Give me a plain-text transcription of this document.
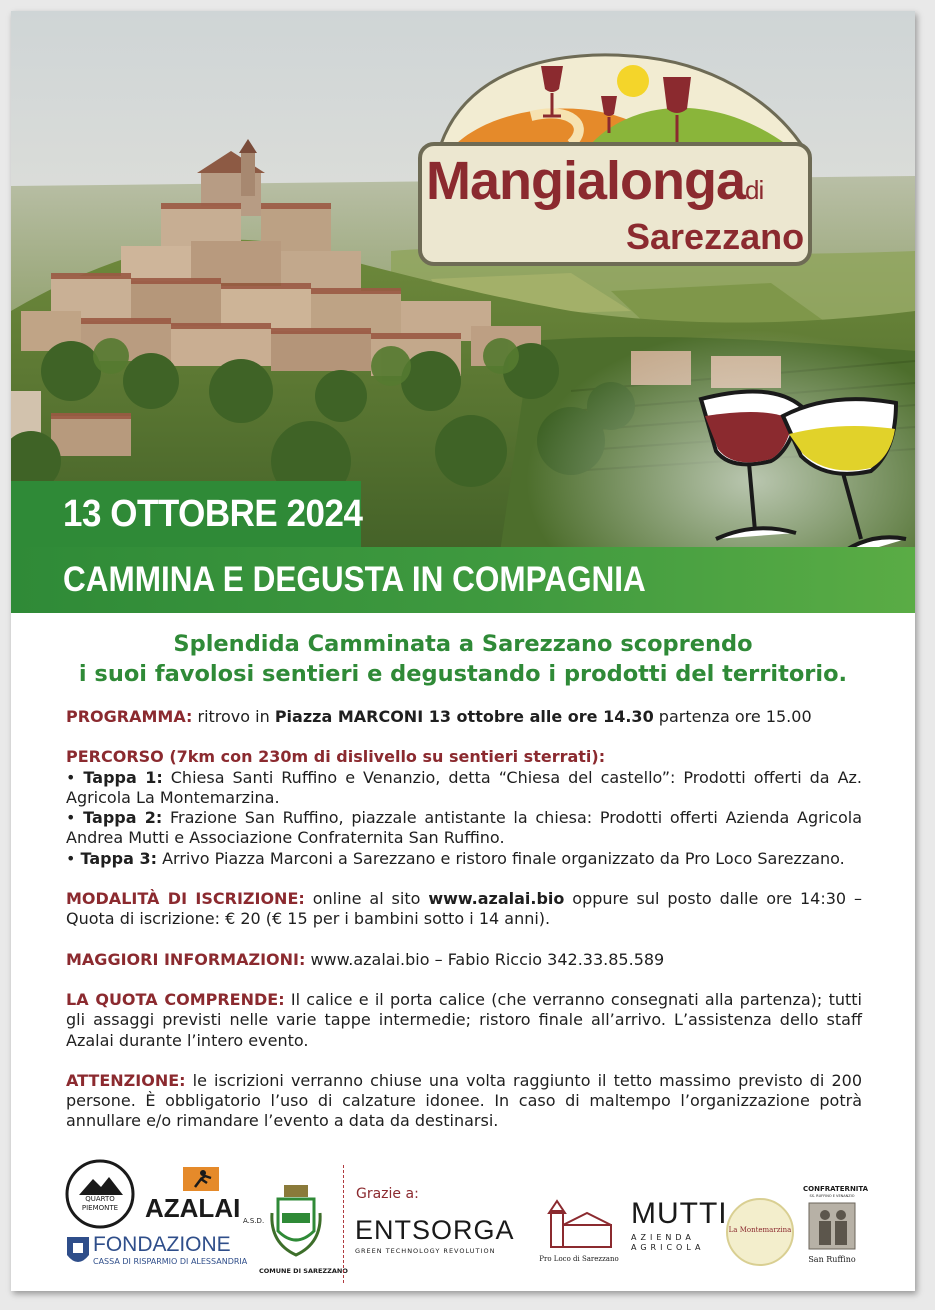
Mangialongadi
Sarezzano
13 OTTOBRE 2024
CAMMINA E DEGUSTA IN COMPAGNIA
Splendida Camminata a Sarezzano scoprendo
i suoi favolosi sentieri e degustando i prodotti del territorio.

PROGRAMMA: ritrovo in Piazza MARCONI 13 ottobre alle ore 14.30 partenza ore 15.00

PERCORSO (7km con 230m di dislivello su sentieri sterrati):
• Tappa 1: Chiesa Santi Ruffino e Venanzio, detta “Chiesa del castello”: Prodotti offerti da Az. Agricola La Montemarzina.
• Tappa 2: Frazione San Ruffino, piazzale antistante la chiesa: Prodotti offerti Azienda Agricola Andrea Mutti e Associazione Confraternita San Ruffino.
• Tappa 3: Arrivo Piazza Marconi a Sarezzano e ristoro finale organizzato da Pro Loco Sarezzano.

MODALITÀ DI ISCRIZIONE: online al sito www.azalai.bio oppure sul posto dalle ore 14:30 – Quota di iscrizione: € 20 (€ 15 per i bambini sotto i 14 anni).

MAGGIORI INFORMAZIONI: www.azalai.bio – Fabio Riccio 342.33.85.589

LA QUOTA COMPRENDE: Il calice e il porta calice (che verranno consegnati alla partenza); tutti gli assaggi previsti nelle varie tappe intermedie; ristoro finale all’arrivo. L’assistenza dello staff Azalai durante l’intero evento.

ATTENZIONE: le iscrizioni verranno chiuse una volta raggiunto il tetto massimo previsto di 200 persone. È obbligatorio l’uso di calzature idonee. In caso di maltempo l’organizzazione potrà annullare e/o rimandare l’evento a data da destinarsi.

QUARTO
PIEMONTE	AZALAI A.S.D.
FONDAZIONE
CASSA DI RISPARMIO DI ALESSANDRIA
COMUNE DI SAREZZANO
Grazie a:
ENTSORGA
GREEN TECHNOLOGY REVOLUTION
Pro Loco di Sarezzano
MUTTI
AZIENDA
AGRICOLA
La Montemarzina
CONFRATERNITA
SS. RUFFINO E VENANZIO
San Ruffino
